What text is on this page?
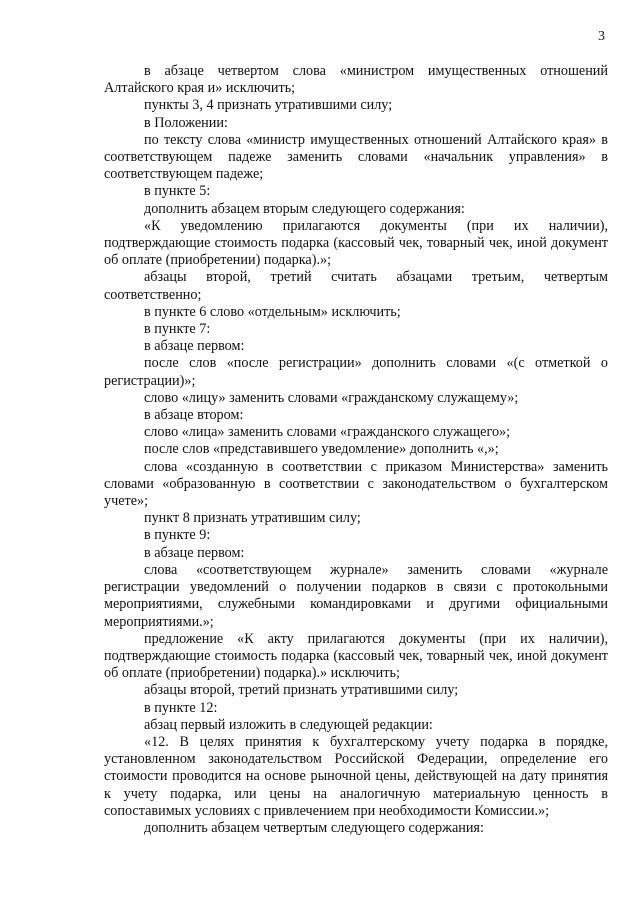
3

в абзаце четвертом слова «министром имущественных отношений Алтайского края и» исключить;

пункты 3, 4 признать утратившими силу;

в Положении:

по тексту слова «министр имущественных отношений Алтайского края» в соответствующем падеже заменить словами «начальник управления» в соответствующем падеже;

в пункте 5:

дополнить абзацем вторым следующего содержания:

«К уведомлению прилагаются документы (при их наличии), подтверждающие стоимость подарка (кассовый чек, товарный чек, иной документ об оплате (приобретении) подарка).»;

абзацы второй, третий считать абзацами третьим, четвертым соответственно;

в пункте 6 слово «отдельным» исключить;

в пункте 7:

в абзаце первом:

после слов «после регистрации» дополнить словами «(с отметкой о регистрации)»;

слово «лицу» заменить словами «гражданскому служащему»;

в абзаце втором:

слово «лица» заменить словами «гражданского служащего»;

после слов «представившего уведомление» дополнить «,»;

слова «созданную в соответствии с приказом Министерства» заменить словами «образованную в соответствии с законодательством о бухгалтерском учете»;

пункт 8 признать утратившим силу;

в пункте 9:

в абзаце первом:

слова «соответствующем журнале» заменить словами «журнале регистрации уведомлений о получении подарков в связи с протокольными мероприятиями, служебными командировками и другими официальными мероприятиями.»;

предложение «К акту прилагаются документы (при их наличии), подтверждающие стоимость подарка (кассовый чек, товарный чек, иной документ об оплате (приобретении) подарка).» исключить;

абзацы второй, третий признать утратившими силу;

в пункте 12:

абзац первый изложить в следующей редакции:

«12. В целях принятия к бухгалтерскому учету подарка в порядке, установленном законодательством Российской Федерации, определение его стоимости проводится на основе рыночной цены, действующей на дату принятия к учету подарка, или цены на аналогичную материальную ценность в сопоставимых условиях с привлечением при необходимости Комиссии.»;

дополнить абзацем четвертым следующего содержания:
